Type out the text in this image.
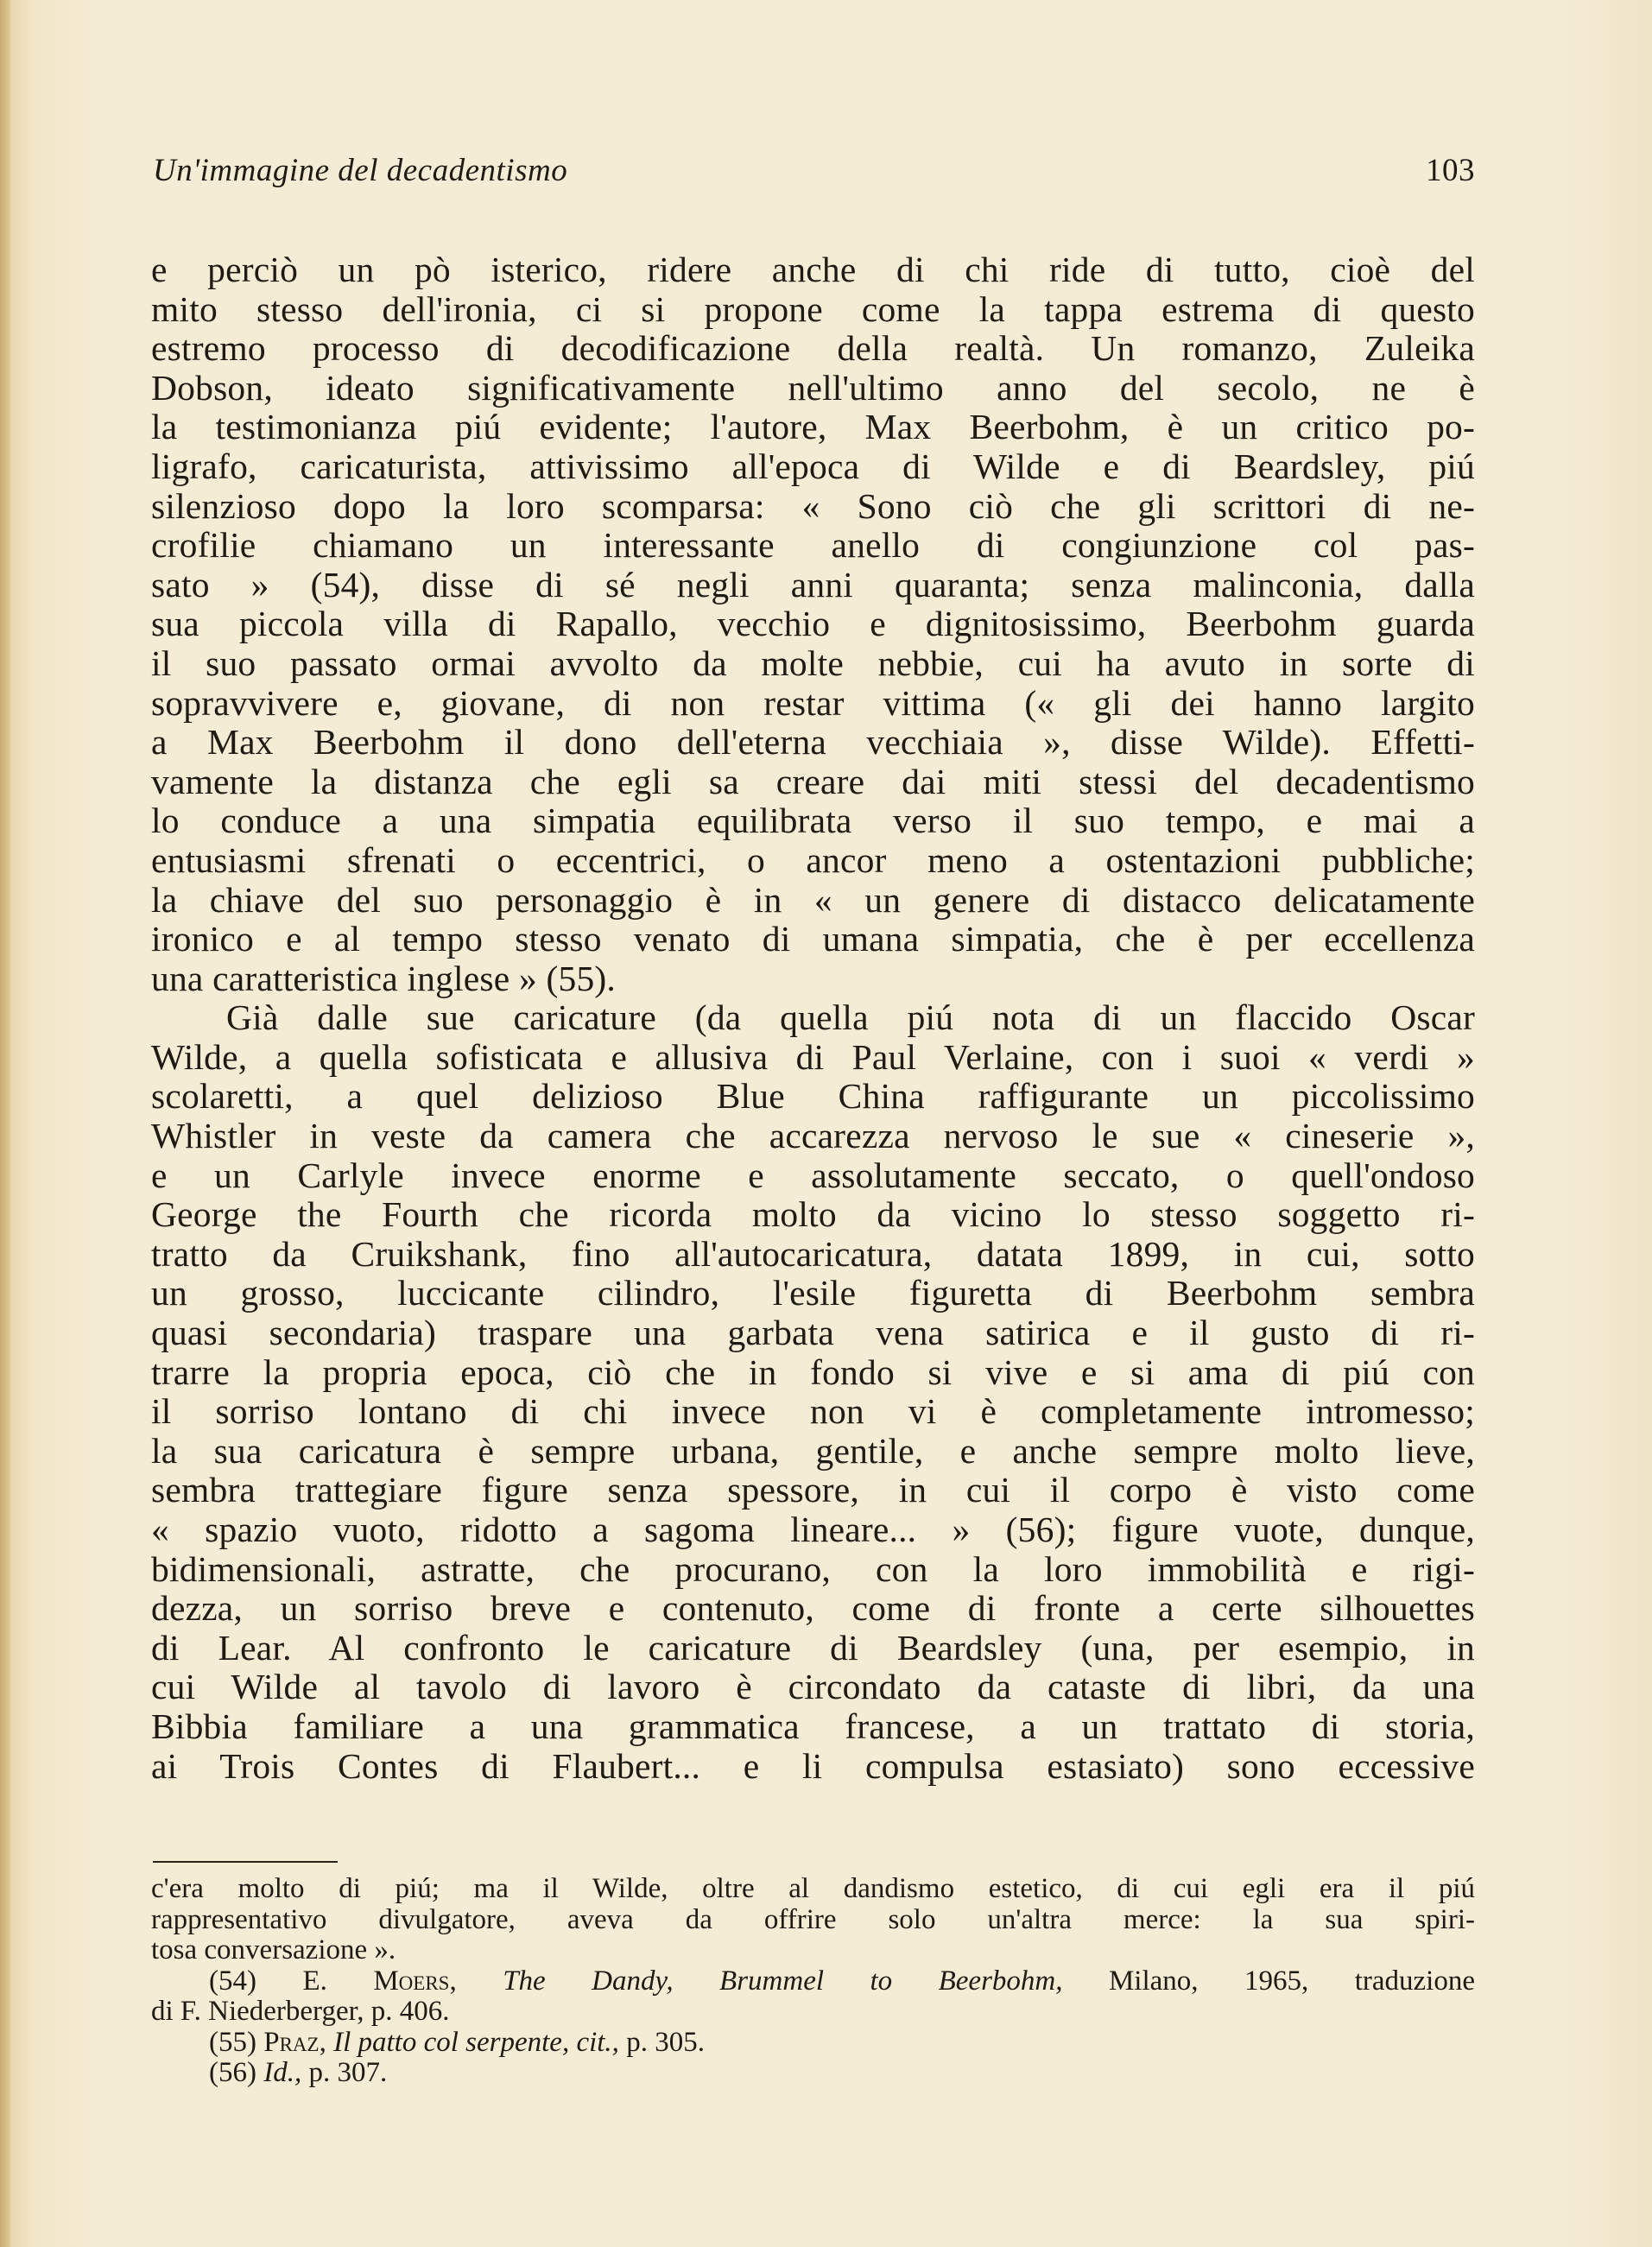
Un'immagine del decadentismo	103

e perciò un pò isterico, ridere anche di chi ride di tutto, cioè del
mito stesso dell'ironia, ci si propone come la tappa estrema di questo
estremo processo di decodificazione della realtà. Un romanzo, Zuleika
Dobson, ideato significativamente nell'ultimo anno del secolo, ne è
la testimonianza piú evidente; l'autore, Max Beerbohm, è un critico po-
ligrafo, caricaturista, attivissimo all'epoca di Wilde e di Beardsley, piú
silenzioso dopo la loro scomparsa: « Sono ciò che gli scrittori di ne-
crofilie chiamano un interessante anello di congiunzione col pas-
sato » (54), disse di sé negli anni quaranta; senza malinconia, dalla
sua piccola villa di Rapallo, vecchio e dignitosissimo, Beerbohm guarda
il suo passato ormai avvolto da molte nebbie, cui ha avuto in sorte di
sopravvivere e, giovane, di non restar vittima (« gli dei hanno largito
a Max Beerbohm il dono dell'eterna vecchiaia », disse Wilde). Effetti-
vamente la distanza che egli sa creare dai miti stessi del decadentismo
lo conduce a una simpatia equilibrata verso il suo tempo, e mai a
entusiasmi sfrenati o eccentrici, o ancor meno a ostentazioni pubbliche;
la chiave del suo personaggio è in « un genere di distacco delicatamente
ironico e al tempo stesso venato di umana simpatia, che è per eccellenza
una caratteristica inglese » (55).

Già dalle sue caricature (da quella piú nota di un flaccido Oscar
Wilde, a quella sofisticata e allusiva di Paul Verlaine, con i suoi « verdi »
scolaretti, a quel delizioso Blue China raffigurante un piccolissimo
Whistler in veste da camera che accarezza nervoso le sue « cineserie »,
e un Carlyle invece enorme e assolutamente seccato, o quell'ondoso
George the Fourth che ricorda molto da vicino lo stesso soggetto ri-
tratto da Cruikshank, fino all'autocaricatura, datata 1899, in cui, sotto
un grosso, luccicante cilindro, l'esile figuretta di Beerbohm sembra
quasi secondaria) traspare una garbata vena satirica e il gusto di ri-
trarre la propria epoca, ciò che in fondo si vive e si ama di piú con
il sorriso lontano di chi invece non vi è completamente intromesso;
la sua caricatura è sempre urbana, gentile, e anche sempre molto lieve,
sembra trattegiare figure senza spessore, in cui il corpo è visto come
« spazio vuoto, ridotto a sagoma lineare... » (56); figure vuote, dunque,
bidimensionali, astratte, che procurano, con la loro immobilità e rigi-
dezza, un sorriso breve e contenuto, come di fronte a certe silhouettes
di Lear. Al confronto le caricature di Beardsley (una, per esempio, in
cui Wilde al tavolo di lavoro è circondato da cataste di libri, da una
Bibbia familiare a una grammatica francese, a un trattato di storia,
ai Trois Contes di Flaubert... e li compulsa estasiato) sono eccessive

c'era molto di piú; ma il Wilde, oltre al dandismo estetico, di cui egli era il piú
rappresentativo divulgatore, aveva da offrire solo un'altra merce: la sua spiri-
tosa conversazione ».
(54) E. Moers, The Dandy, Brummel to Beerbohm, Milano, 1965, traduzione
di F. Niederberger, p. 406.
(55) Praz, Il patto col serpente, cit., p. 305.
(56) Id., p. 307.
